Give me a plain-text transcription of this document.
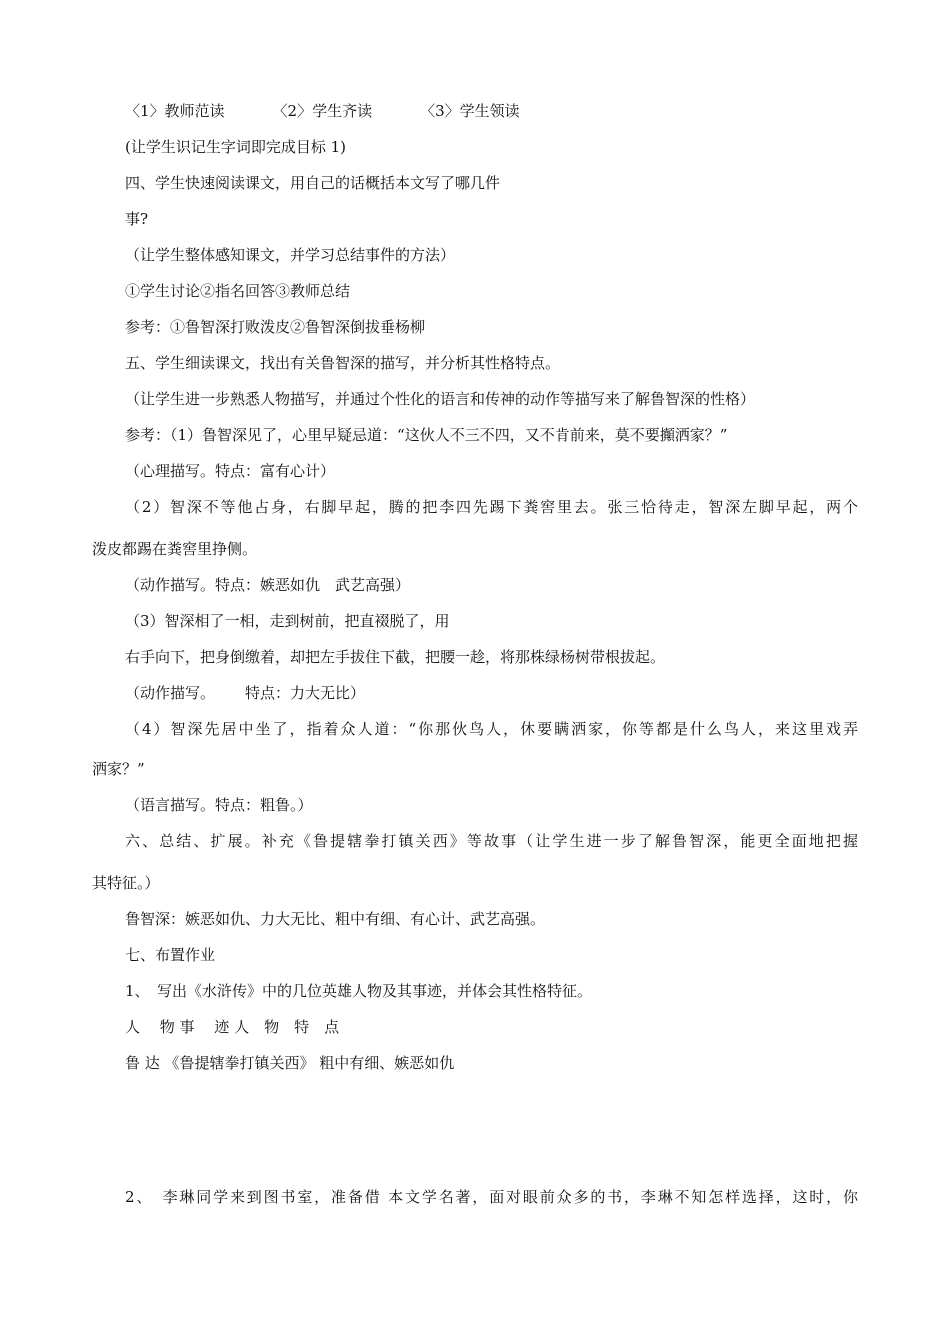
〈1〉教师范读	〈2〉学生齐读	〈3〉学生领读
(让学生识记生字词即完成目标 1)
四、学生快速阅读课文，用自己的话概括本文写了哪几件
事?
（让学生整体感知课文，并学习总结事件的方法）
①学生讨论②指名回答③教师总结
参考：①鲁智深打败泼皮②鲁智深倒拔垂杨柳
五、学生细读课文，找出有关鲁智深的描写，并分析其性格特点。
（让学生进一步熟悉人物描写，并通过个性化的语言和传神的动作等描写来了解鲁智深的性格）
参考：（1）鲁智深见了，心里早疑忌道：“这伙人不三不四，又不肯前来，莫不要攧洒家？”
（心理描写。特点：富有心计）
（2）智深不等他占身，右脚早起，腾的把李四先踢下粪窖里去。张三恰待走，智深左脚早起，两个
泼皮都踢在粪窖里挣侧。
（动作描写。特点：嫉恶如仇　武艺高强）
（3）智深相了一相，走到树前，把直裰脱了，用
右手向下，把身倒缴着，却把左手拔住下截，把腰一趁，将那株绿杨树带根拔起。
（动作描写。 特点：力大无比）
（4）智深先居中坐了，指着众人道：“你那伙鸟人，休要瞒洒家，你等都是什么鸟人，来这里戏弄
洒家？”
（语言描写。特点：粗鲁。）
六、总结、扩展。补充《鲁提辖拳打镇关西》等故事（让学生进一步了解鲁智深，能更全面地把握
其特征。）
鲁智深：嫉恶如仇、力大无比、粗中有细、有心计、武艺高强。
七、布置作业
1、　写出《水浒传》中的几位英雄人物及其事迹，并体会其性格特征。
人　 物 事　 迹 人　物　特　点
鲁 达 《鲁提辖拳打镇关西》 粗中有细、嫉恶如仇
2、　李琳同学来到图书室，准备借 本文学名著，面对眼前众多的书，李琳不知怎样选择，这时，你
